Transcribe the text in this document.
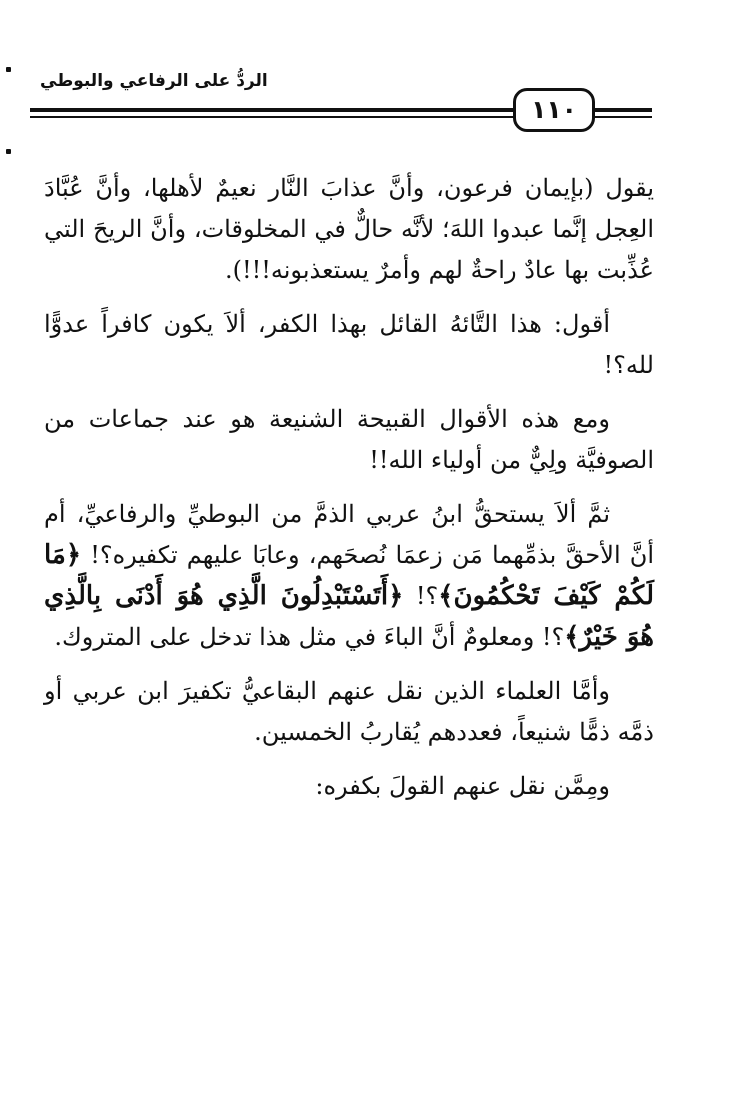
الردُّ على الرفاعي والبوطي
١١٠

يقول (بإيمان فرعون، وأنَّ عذابَ النَّار نعيمٌ لأهلها، وأنَّ عُبَّادَ العِجل إنَّما عبدوا اللهَ؛ لأنَّه حالٌّ في المخلوقات، وأنَّ الريحَ التي عُذِّبت بها عادٌ راحةٌ لهم وأمرٌ يستعذبونه!!!).

أقول: هذا التَّائهُ القائل بهذا الكفر، ألاَ يكون كافراً عدوًّا لله؟!

ومع هذه الأقوال القبيحة الشنيعة هو عند جماعات من الصوفيَّة ولِيٌّ من أولياء الله!!

ثمَّ ألاَ يستحقُّ ابنُ عربي الذمَّ من البوطيِّ والرفاعيِّ، أم أنَّ الأحقَّ بذمِّهما مَن زعمَا نُصحَهم، وعابَا عليهم تكفيره؟! ﴿مَا لَكُمْ كَيْفَ تَحْكُمُونَ﴾؟! ﴿أَتَسْتَبْدِلُونَ الَّذِي هُوَ أَدْنَى بِالَّذِي هُوَ خَيْرٌ﴾؟! ومعلومٌ أنَّ الباءَ في مثل هذا تدخل على المتروك.

وأمَّا العلماء الذين نقل عنهم البقاعيُّ تكفيرَ ابن عربي أو ذمَّه ذمًّا شنيعاً، فعددهم يُقاربُ الخمسين.

ومِمَّن نقل عنهم القولَ بكفره:
